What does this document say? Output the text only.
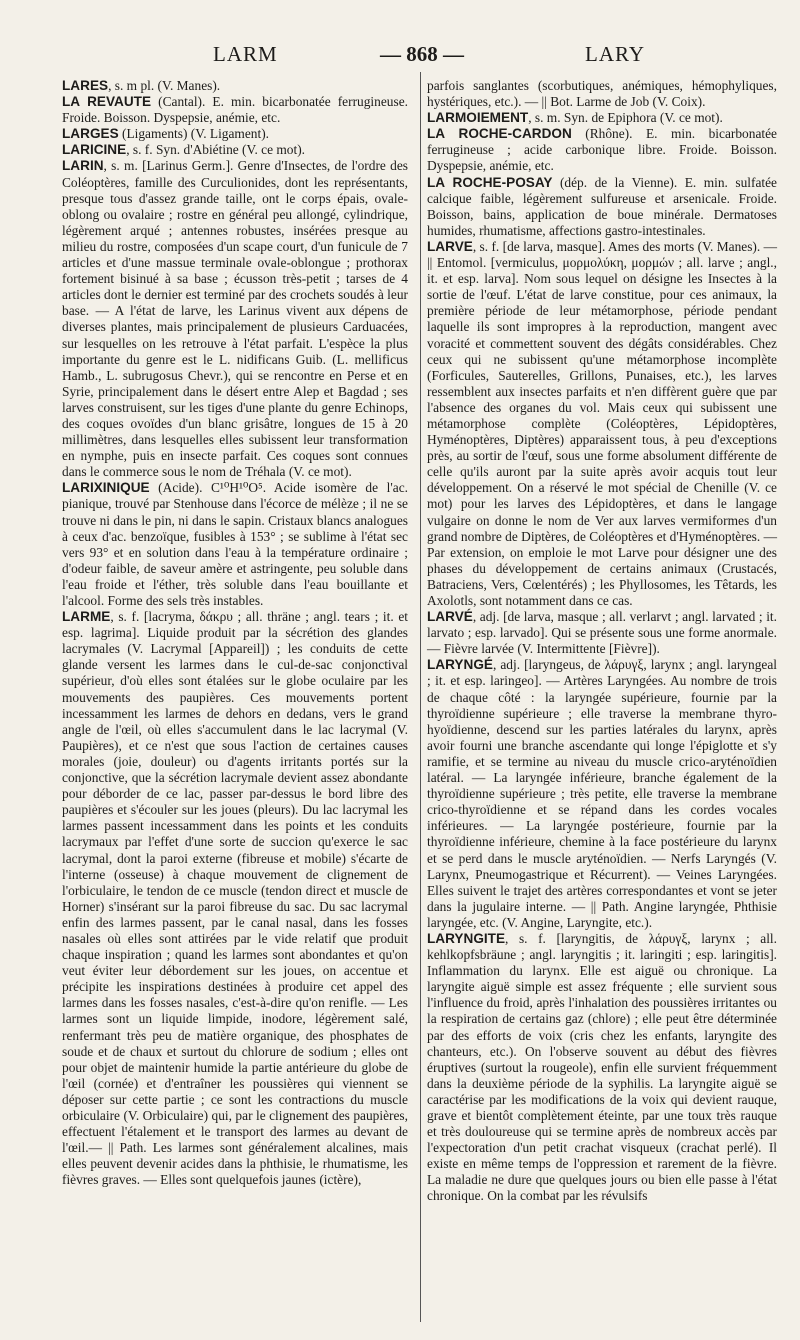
LARM	— 868 —	LARY

LARES, s. m pl. (V. Manes).

LA REVAUTE (Cantal). E. min. bicarbonatée ferrugineuse. Froide. Boisson. Dyspepsie, anémie, etc.

LARGES (Ligaments) (V. Ligament).

LARICINE, s. f. Syn. d'Abiétine (V. ce mot).

LARIN, s. m. [Larinus Germ.]. Genre d'Insectes, de l'ordre des Coléoptères, famille des Curculionides, dont les représentants, presque tous d'assez grande taille, ont le corps épais, ovale-oblong ou ovalaire ; rostre en général peu allongé, cylindrique, légèrement arqué ; antennes robustes, insérées presque au milieu du rostre, composées d'un scape court, d'un funicule de 7 articles et d'une massue terminale ovale-oblongue ; prothorax fortement bisinué à sa base ; écusson très-petit ; tarses de 4 articles dont le dernier est terminé par des crochets soudés à leur base. — A l'état de larve, les Larinus vivent aux dépens de diverses plantes, mais principalement de plusieurs Carduacées, sur lesquelles on les retrouve à l'état parfait. L'espèce la plus importante du genre est le L. nidificans Guib. (L. mellificus Hamb., L. subrugosus Chevr.), qui se rencontre en Perse et en Syrie, principalement dans le désert entre Alep et Bagdad ; ses larves construisent, sur les tiges d'une plante du genre Echinops, des coques ovoïdes d'un blanc grisâtre, longues de 15 à 20 millimètres, dans lesquelles elles subissent leur transformation en nymphe, puis en insecte parfait. Ces coques sont connues dans le commerce sous le nom de Tréhala (V. ce mot).

LARIXINIQUE (Acide). C¹⁰H¹⁰O⁵. Acide isomère de l'ac. pianique, trouvé par Stenhouse dans l'écorce de mélèze ; il ne se trouve ni dans le pin, ni dans le sapin. Cristaux blancs analogues à ceux d'ac. benzoïque, fusibles à 153° ; se sublime à l'état sec vers 93° et en solution dans l'eau à la température ordinaire ; d'odeur faible, de saveur amère et astringente, peu soluble dans l'eau froide et l'éther, très soluble dans l'eau bouillante et l'alcool. Forme des sels très instables.

LARME, s. f. [lacryma, δάκρυ ; all. thräne ; angl. tears ; it. et esp. lagrima]. Liquide produit par la sécrétion des glandes lacrymales (V. Lacrymal [Appareil]) ; les conduits de cette glande versent les larmes dans le cul-de-sac conjonctival supérieur, d'où elles sont étalées sur le globe oculaire par les mouvements des paupières. Ces mouvements portent incessamment les larmes de dehors en dedans, vers le grand angle de l'œil, où elles s'accumulent dans le lac lacrymal (V. Paupières), et ce n'est que sous l'action de certaines causes morales (joie, douleur) ou d'agents irritants portés sur la conjonctive, que la sécrétion lacrymale devient assez abondante pour déborder de ce lac, passer par-dessus le bord libre des paupières et s'écouler sur les joues (pleurs). Du lac lacrymal les larmes passent incessamment dans les points et les conduits lacrymaux par l'effet d'une sorte de succion qu'exerce le sac lacrymal, dont la paroi externe (fibreuse et mobile) s'écarte de l'interne (osseuse) à chaque mouvement de clignement de l'orbiculaire, le tendon de ce muscle (tendon direct et muscle de Horner) s'insérant sur la paroi fibreuse du sac. Du sac lacrymal enfin des larmes passent, par le canal nasal, dans les fosses nasales où elles sont attirées par le vide relatif que produit chaque inspiration ; quand les larmes sont abondantes et qu'on veut éviter leur débordement sur les joues, on accentue et précipite les inspirations destinées à produire cet appel des larmes dans les fosses nasales, c'est-à-dire qu'on renifle. — Les larmes sont un liquide limpide, inodore, légèrement salé, renfermant très peu de matière organique, des phosphates de soude et de chaux et surtout du chlorure de sodium ; elles ont pour objet de maintenir humide la partie antérieure du globe de l'œil (cornée) et d'entraîner les poussières qui viennent se déposer sur cette partie ; ce sont les contractions du muscle orbiculaire (V. Orbiculaire) qui, par le clignement des paupières, effectuent l'étalement et le transport des larmes au devant de l'œil.— || Path. Les larmes sont généralement alcalines, mais elles peuvent devenir acides dans la phthisie, le rhumatisme, les fièvres graves. — Elles sont quelquefois jaunes (ictère),

parfois sanglantes (scorbutiques, anémiques, hémophyliques, hystériques, etc.). — || Bot. Larme de Job (V. Coix).

LARMOIEMENT, s. m. Syn. de Epiphora (V. ce mot).

LA ROCHE-CARDON (Rhône). E. min. bicarbonatée ferrugineuse ; acide carbonique libre. Froide. Boisson. Dyspepsie, anémie, etc.

LA ROCHE-POSAY (dép. de la Vienne). E. min. sulfatée calcique faible, légèrement sulfureuse et arsenicale. Froide. Boisson, bains, application de boue minérale. Dermatoses humides, rhumatisme, affections gastro-intestinales.

LARVE, s. f. [de larva, masque]. Ames des morts (V. Manes). — || Entomol. [vermiculus, μορμολύκη, μορμών ; all. larve ; angl., it. et esp. larva]. Nom sous lequel on désigne les Insectes à la sortie de l'œuf. L'état de larve constitue, pour ces animaux, la première période de leur métamorphose, période pendant laquelle ils sont impropres à la reproduction, mangent avec voracité et commettent souvent des dégâts considérables. Chez ceux qui ne subissent qu'une métamorphose incomplète (Forficules, Sauterelles, Grillons, Punaises, etc.), les larves ressemblent aux insectes parfaits et n'en diffèrent guère que par l'absence des organes du vol. Mais ceux qui subissent une métamorphose complète (Coléoptères, Lépidoptères, Hyménoptères, Diptères) apparaissent tous, à peu d'exceptions près, au sortir de l'œuf, sous une forme absolument différente de celle qu'ils auront par la suite après avoir acquis tout leur développement. On a réservé le mot spécial de Chenille (V. ce mot) pour les larves des Lépidoptères, et dans le langage vulgaire on donne le nom de Ver aux larves vermiformes d'un grand nombre de Diptères, de Coléoptères et d'Hyménoptères. — Par extension, on emploie le mot Larve pour désigner une des phases du développement de certains animaux (Crustacés, Batraciens, Vers, Cœlentérés) ; les Phyllosomes, les Têtards, les Axolotls, sont notamment dans ce cas.

LARVÉ, adj. [de larva, masque ; all. verlarvt ; angl. larvated ; it. larvato ; esp. larvado]. Qui se présente sous une forme anormale. — Fièvre larvée (V. Intermittente [Fièvre]).

LARYNGÉ, adj. [laryngeus, de λάρυγξ, larynx ; angl. laryngeal ; it. et esp. laringeo]. — Artères Laryngées. Au nombre de trois de chaque côté : la laryngée supérieure, fournie par la thyroïdienne supérieure ; elle traverse la membrane thyro-hyoïdienne, descend sur les parties latérales du larynx, après avoir fourni une branche ascendante qui longe l'épiglotte et s'y ramifie, et se termine au niveau du muscle crico-aryténoïdien latéral. — La laryngée inférieure, branche également de la thyroïdienne supérieure ; très petite, elle traverse la membrane crico-thyroïdienne et se répand dans les cordes vocales inférieures. — La laryngée postérieure, fournie par la thyroïdienne inférieure, chemine à la face postérieure du larynx et se perd dans le muscle aryténoïdien. — Nerfs Laryngés (V. Larynx, Pneumogastrique et Récurrent). — Veines Laryngées. Elles suivent le trajet des artères correspondantes et vont se jeter dans la jugulaire interne. — || Path. Angine laryngée, Phthisie laryngée, etc. (V. Angine, Laryngite, etc.).

LARYNGITE, s. f. [laryngitis, de λάρυγξ, larynx ; all. kehlkopfsbräune ; angl. laryngitis ; it. laringiti ; esp. laringitis]. Inflammation du larynx. Elle est aiguë ou chronique. La laryngite aiguë simple est assez fréquente ; elle survient sous l'influence du froid, après l'inhalation des poussières irritantes ou la respiration de certains gaz (chlore) ; elle peut être déterminée par des efforts de voix (cris chez les enfants, laryngite des chanteurs, etc.). On l'observe souvent au début des fièvres éruptives (surtout la rougeole), enfin elle survient fréquemment dans la deuxième période de la syphilis. La laryngite aiguë se caractérise par les modifications de la voix qui devient rauque, grave et bientôt complètement éteinte, par une toux très rauque et très douloureuse qui se termine après de nombreux accès par l'expectoration d'un petit crachat visqueux (crachat perlé). Il existe en même temps de l'oppression et rarement de la fièvre. La maladie ne dure que quelques jours ou bien elle passe à l'état chronique. On la combat par les révulsifs
